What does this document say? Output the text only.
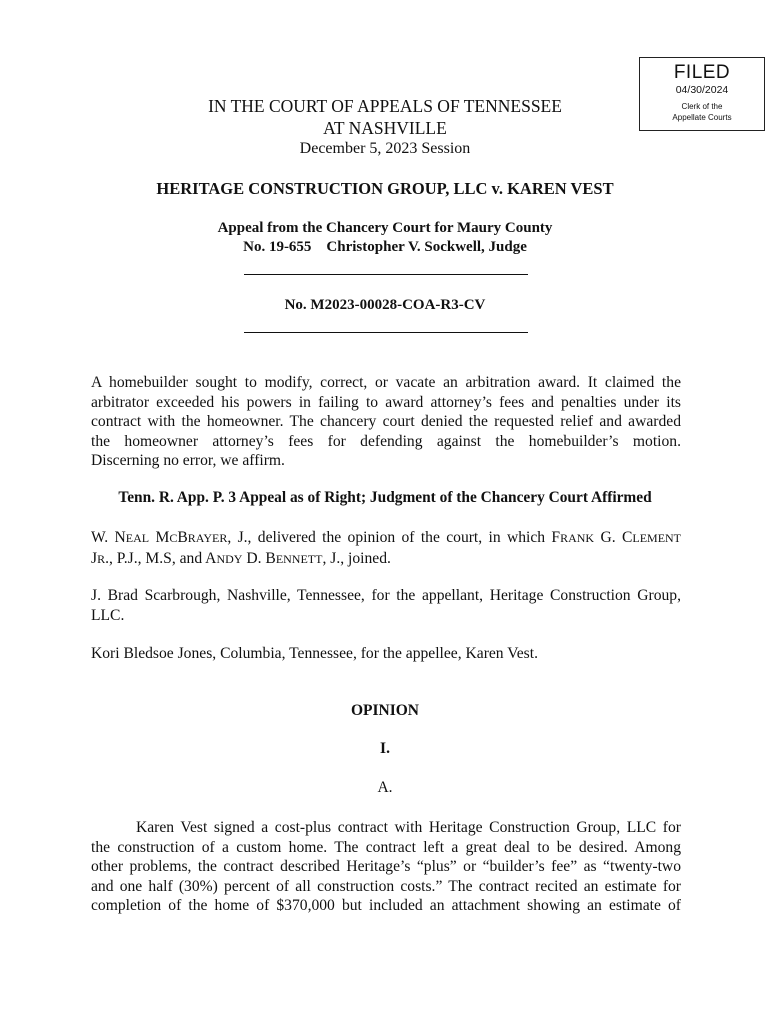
FILED
04/30/2024
Clerk of the
Appellate Courts
IN THE COURT OF APPEALS OF TENNESSEE
AT NASHVILLE
December 5, 2023 Session
HERITAGE CONSTRUCTION GROUP, LLC v. KAREN VEST
Appeal from the Chancery Court for Maury County
No. 19-655    Christopher V. Sockwell, Judge
No. M2023-00028-COA-R3-CV
A homebuilder sought to modify, correct, or vacate an arbitration award. It claimed the
arbitrator exceeded his powers in failing to award attorney’s fees and penalties under its
contract with the homeowner. The chancery court denied the requested relief and awarded
the homeowner attorney’s fees for defending against the homebuilder’s motion.
Discerning no error, we affirm.
Tenn. R. App. P. 3 Appeal as of Right; Judgment of the Chancery Court Affirmed
W. NEAL MCBRAYER, J., delivered the opinion of the court, in which FRANK G. CLEMENT
JR., P.J., M.S, and ANDY D. BENNETT, J., joined.
J. Brad Scarbrough, Nashville, Tennessee, for the appellant, Heritage Construction Group,
LLC.
Kori Bledsoe Jones, Columbia, Tennessee, for the appellee, Karen Vest.
OPINION
I.
A.
Karen Vest signed a cost-plus contract with Heritage Construction Group, LLC for
the construction of a custom home. The contract left a great deal to be desired. Among
other problems, the contract described Heritage’s “plus” or “builder’s fee” as “twenty-two
and one half (30%) percent of all construction costs.” The contract recited an estimate for
completion of the home of $370,000 but included an attachment showing an estimate of
